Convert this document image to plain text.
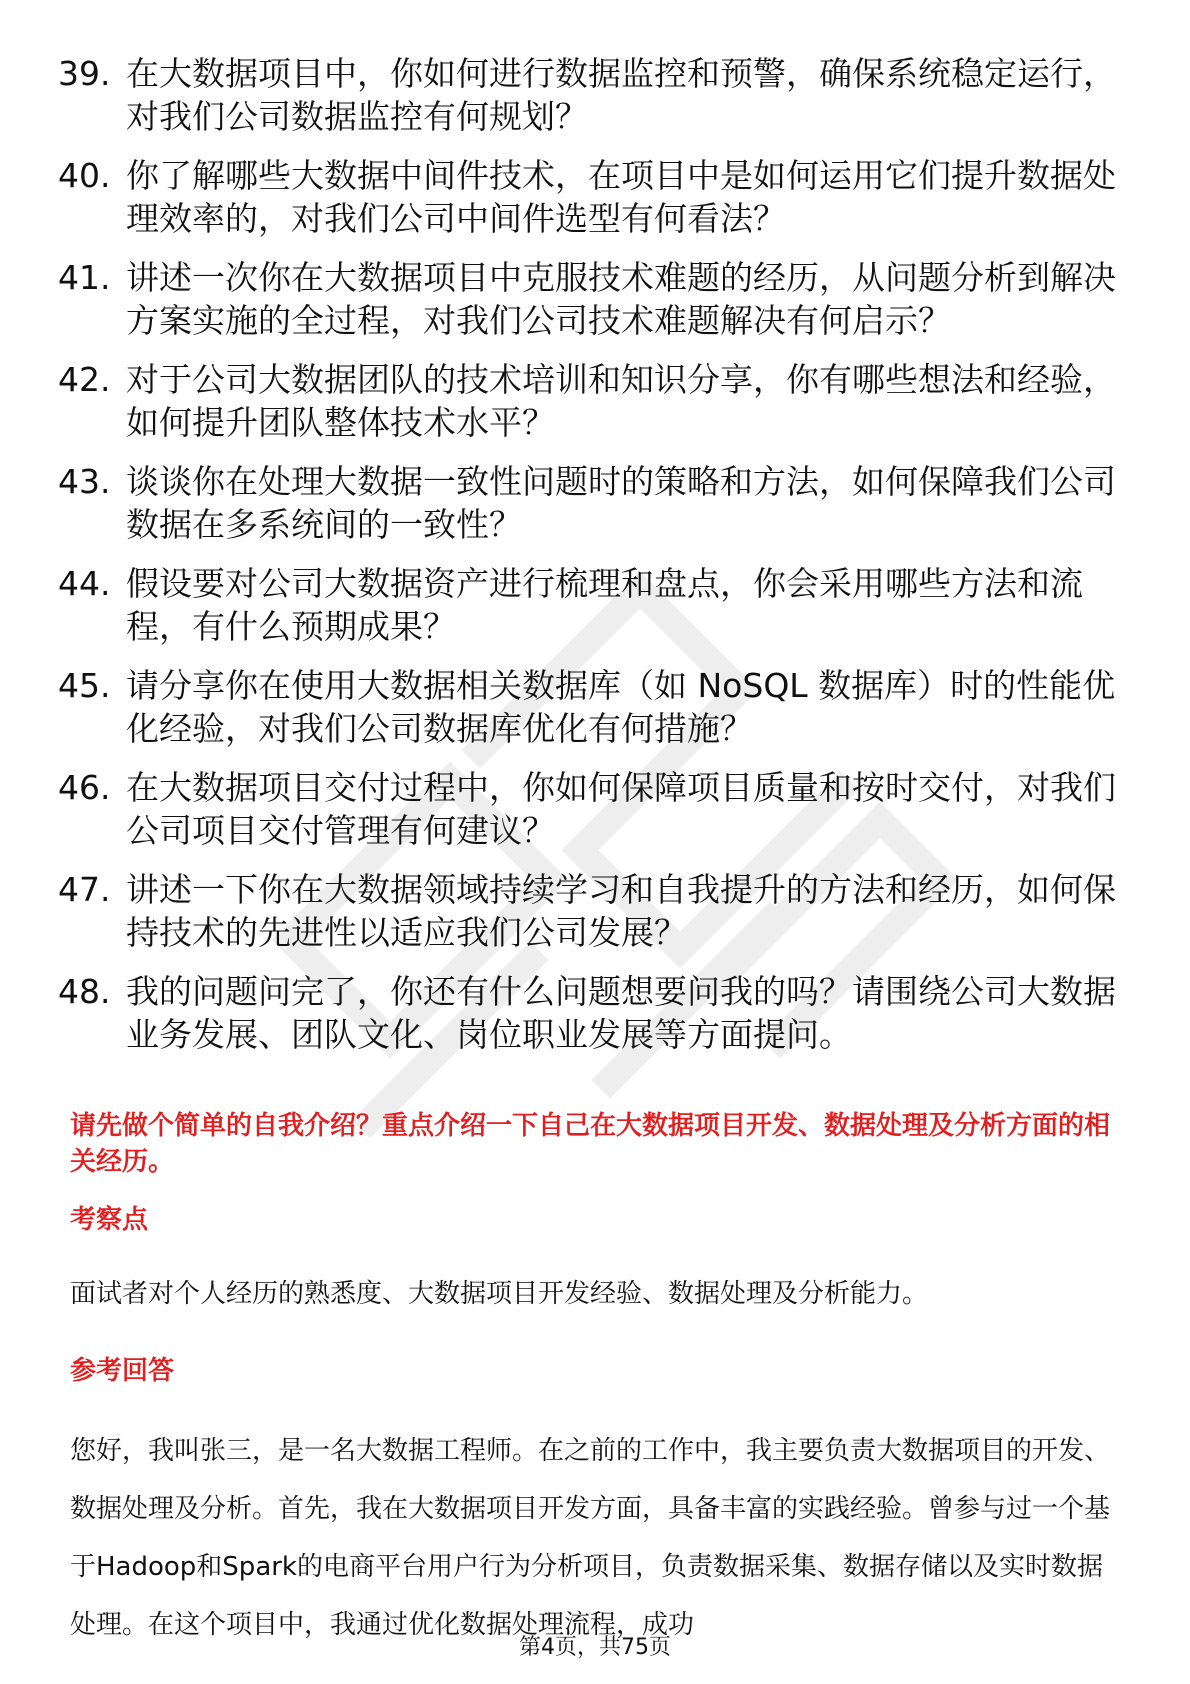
39. 在大数据项目中，你如何进行数据监控和预警，确保系统稳定运行，对我们公司数据监控有何规划？
40. 你了解哪些大数据中间件技术，在项目中是如何运用它们提升数据处理效率的，对我们公司中间件选型有何看法？
41. 讲述一次你在大数据项目中克服技术难题的经历，从问题分析到解决方案实施的全过程，对我们公司技术难题解决有何启示？
42. 对于公司大数据团队的技术培训和知识分享，你有哪些想法和经验，如何提升团队整体技术水平？
43. 谈谈你在处理大数据一致性问题时的策略和方法，如何保障我们公司数据在多系统间的一致性？
44. 假设要对公司大数据资产进行梳理和盘点，你会采用哪些方法和流程，有什么预期成果？
45. 请分享你在使用大数据相关数据库（如 NoSQL 数据库）时的性能优化经验，对我们公司数据库优化有何措施？
46. 在大数据项目交付过程中，你如何保障项目质量和按时交付，对我们公司项目交付管理有何建议？
47. 讲述一下你在大数据领域持续学习和自我提升的方法和经历，如何保持技术的先进性以适应我们公司发展？
48. 我的问题问完了，你还有什么问题想要问我的吗？请围绕公司大数据业务发展、团队文化、岗位职业发展等方面提问。
请先做个简单的自我介绍？重点介绍一下自己在大数据项目开发、数据处理及分析方面的相关经历。
考察点
面试者对个人经历的熟悉度、大数据项目开发经验、数据处理及分析能力。
参考回答
您好，我叫张三，是一名大数据工程师。在之前的工作中，我主要负责大数据项目的开发、数据处理及分析。首先，我在大数据项目开发方面，具备丰富的实践经验。曾参与过一个基于Hadoop和Spark的电商平台用户行为分析项目，负责数据采集、数据存储以及实时数据处理。在这个项目中，我通过优化数据处理流程，成功
第4页，共75页
